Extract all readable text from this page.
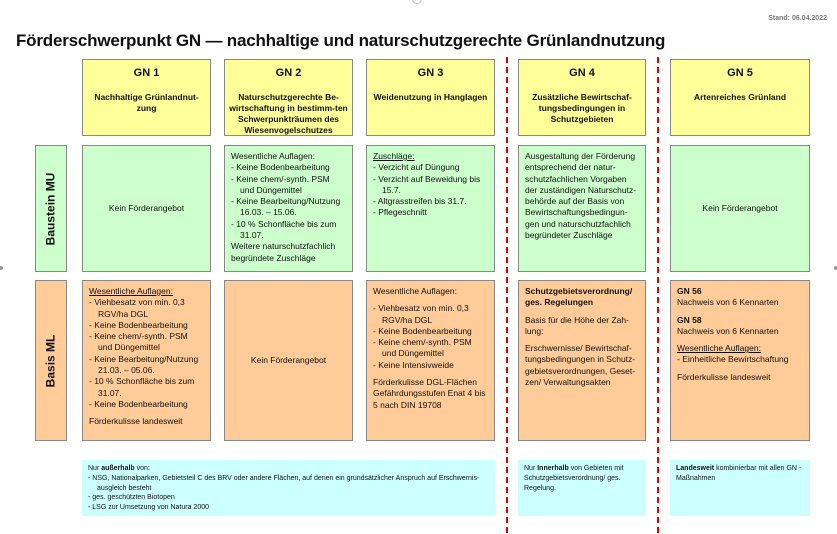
Stand: 06.04.2022
Förderschwerpunkt GN — nachhaltige und naturschutzgerechte Grünlandnutzung
GN 1
Nachhaltige Grünlandnut-zung
GN 2
Naturschutzgerechte Be-wirtschaftung in bestimm-ten Schwerpunkträumen des Wiesenvogelschutzes
GN 3
Weidenutzung in Hanglagen
GN 4
Zusätzliche Bewirtschaf-tungsbedingungen in Schutzgebieten
GN 5
Artenreiches Grünland
Baustein MU
Basis ML
Kein Förderangebot
Wesentliche Auflagen:
- Keine Bodenbearbeitung
- Keine chem/-synth. PSM und Düngemittel
- Keine Bearbeitung/Nutzung 16.03. – 15.06.
- 10 % Schonfläche bis zum 31.07.
Weitere naturschutzfachlich begründete Zuschläge
Zuschläge:
- Verzicht auf Düngung
- Verzicht auf Beweidung bis 15.7.
- Altgrasstreifen bis 31.7.
- Pflegeschnitt
Ausgestaltung der Förderung entsprechend der natur-schutzfachlichen Vorgaben der zuständigen Naturschutz-behörde auf der Basis von Bewirtschaftungsbedingun-gen und naturschutzfachlich begründeter Zuschläge
Kein Förderangebot
Wesentliche Auflagen:
- Viehbesatz von min. 0,3 RGV/ha DGL
- Keine Bodenbearbeitung
- Keine chem/-synth. PSM und Düngemittel
- Keine Bearbeitung/Nutzung 21.03. – 05.06.
- 10 % Schonfläche bis zum 31.07.
- Keine Bodenbearbeitung
Förderkulisse landesweit
Kein Förderangebot
Wesentliche Auflagen:
- Viehbesatz von min. 0,3 RGV/ha DGL
- Keine Bodenbearbeitung
- Keine chem/-synth. PSM und Düngemittel
- Keine Intensivweide
Förderkulisse DGL-Flächen Gefährdungsstufen Enat 4 bis 5 nach DIN 19708
Schutzgebietsverordnung/ ges. Regelungen
Basis für die Höhe der Zah-lung:
Erschwernisse/ Bewirtschaf-tungsbedingungen in Schutz-gebietsverordnungen, Geset-zen/ Verwaltungsakten
GN 56
Nachweis von 6 Kennarten
GN 58
Nachweis von 6 Kennarten
Wesentliche Auflagen:
- Einheitliche Bewirtschaftung
Förderkulisse landesweit
Nur außerhalb von:
- NSG, Nationalparken, Gebietsteil C des BRV oder andere Flächen, auf denen ein grundsätzlicher Anspruch auf Erschwernis-ausgleich besteht
- ges. geschützten Biotopen
- LSG zur Umsetzung von Natura 2000
Nur Innerhalb von Gebieten mit Schutzgebietsverordnung/ ges. Regelung.
Landesweit kombinierbar mit allen GN - Maßnahmen
